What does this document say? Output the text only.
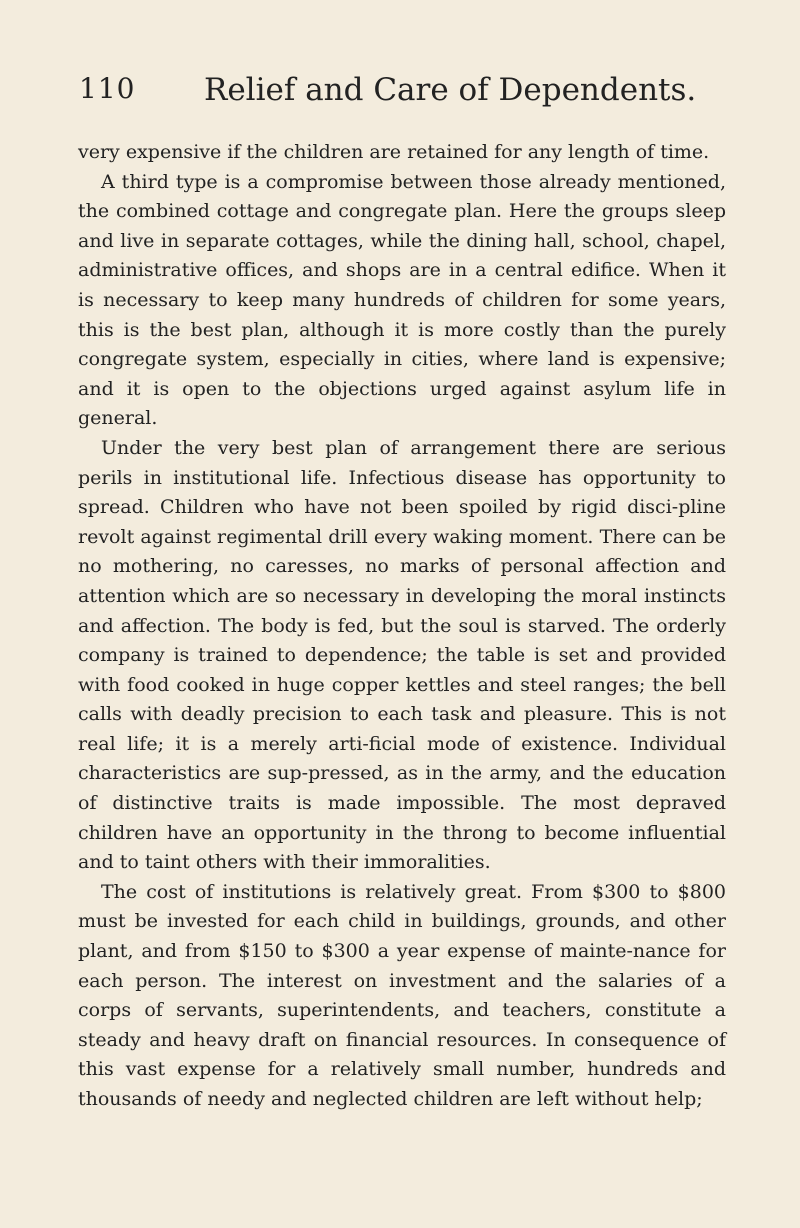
110 Relief and Care of Dependents.

very expensive if the children are retained for any length of time.

A third type is a compromise between those already mentioned, the combined cottage and congregate plan. Here the groups sleep and live in separate cottages, while the dining hall, school, chapel, administrative offices, and shops are in a central edifice. When it is necessary to keep many hundreds of children for some years, this is the best plan, although it is more costly than the purely congregate system, especially in cities, where land is expensive; and it is open to the objections urged against asylum life in general.

Under the very best plan of arrangement there are serious perils in institutional life. Infectious disease has opportunity to spread. Children who have not been spoiled by rigid disci-pline revolt against regimental drill every waking moment. There can be no mothering, no caresses, no marks of personal affection and attention which are so necessary in developing the moral instincts and affection. The body is fed, but the soul is starved. The orderly company is trained to dependence; the table is set and provided with food cooked in huge copper kettles and steel ranges; the bell calls with deadly precision to each task and pleasure. This is not real life; it is a merely arti-ficial mode of existence. Individual characteristics are sup-pressed, as in the army, and the education of distinctive traits is made impossible. The most depraved children have an opportunity in the throng to become influential and to taint others with their immoralities.

The cost of institutions is relatively great. From $300 to $800 must be invested for each child in buildings, grounds, and other plant, and from $150 to $300 a year expense of mainte-nance for each person. The interest on investment and the salaries of a corps of servants, superintendents, and teachers, constitute a steady and heavy draft on financial resources. In consequence of this vast expense for a relatively small number, hundreds and thousands of needy and neglected children are left without help;
